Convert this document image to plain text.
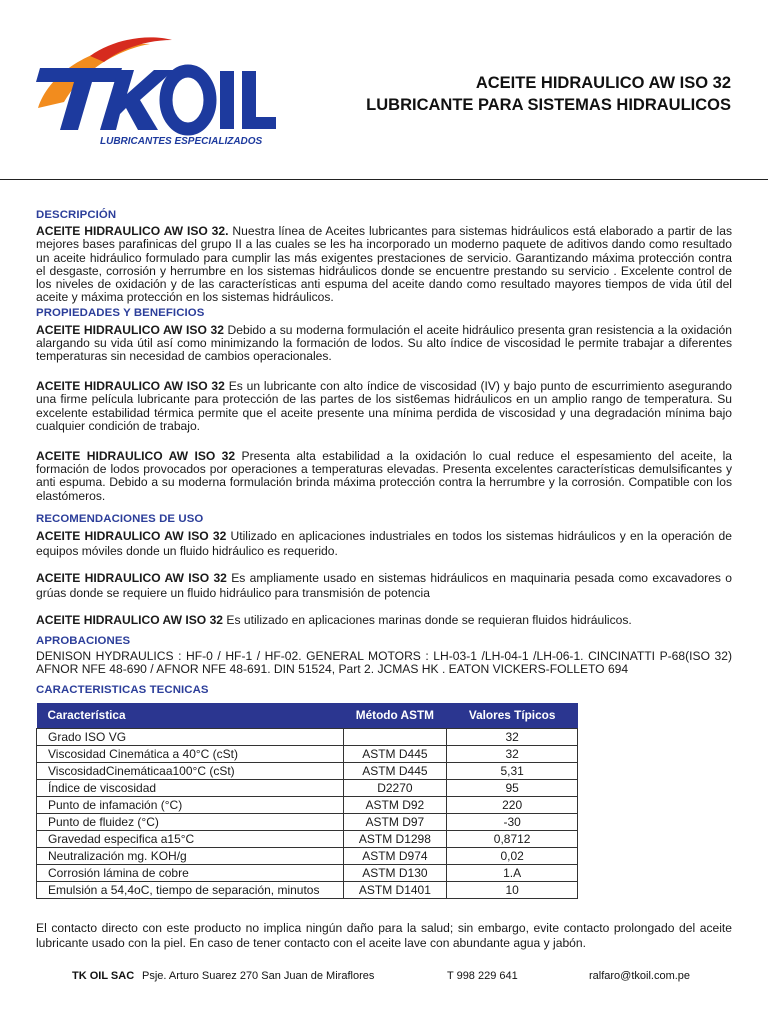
LUBRICANTES ESPECIALIZADOS
ACEITE HIDRAULICO AW ISO 32
LUBRICANTE PARA SISTEMAS HIDRAULICOS
DESCRIPCIÓN

ACEITE HIDRAULICO AW ISO 32. Nuestra línea de Aceites lubricantes para sistemas hidráulicos está elaborado a partir de las mejores bases parafinicas del grupo II a las cuales se les ha incorporado un moderno paquete de aditivos dando como resultado un aceite hidráulico formulado para cumplir las más exigentes prestaciones de servicio. Garantizando máxima protección contra el desgaste, corrosión y herrumbre en los sistemas hidráulicos donde se encuentre prestando su servicio . Excelente control de los niveles de oxidación y de las características anti espuma del aceite dando como resultado mayores tiempos de vida útil del aceite y máxima protección en los sistemas hidráulicos.

PROPIEDADES Y BENEFICIOS

ACEITE HIDRAULICO AW ISO 32 Debido a su moderna formulación el aceite hidráulico presenta gran resistencia a la oxidación alargando su vida útil así como minimizando la formación de lodos. Su alto índice de viscosidad le permite trabajar a diferentes temperaturas sin necesidad de cambios operacionales.

ACEITE HIDRAULICO AW ISO 32 Es un lubricante con alto índice de viscosidad (IV) y bajo punto de escurrimiento asegurando una firme película lubricante para protección de las partes de los sist6emas hidráulicos en un amplio rango de temperatura. Su excelente estabilidad térmica permite que el aceite presente una mínima perdida de viscosidad y una degradación mínima bajo cualquier condición de trabajo.

ACEITE HIDRAULICO AW ISO 32 Presenta alta estabilidad a la oxidación lo cual reduce el espesamiento del aceite, la formación de lodos provocados por operaciones a temperaturas elevadas. Presenta excelentes características demulsificantes y anti espuma. Debido a su moderna formulación brinda máxima protección contra la herrumbre y la corrosión. Compatible con los elastómeros.

RECOMENDACIONES DE USO

ACEITE HIDRAULICO AW ISO 32 Utilizado en aplicaciones industriales en todos los sistemas hidráulicos y en la operación de equipos móviles donde un fluido hidráulico es requerido.

ACEITE HIDRAULICO AW ISO 32 Es ampliamente usado en sistemas hidráulicos en maquinaria pesada como excavadores o grúas donde se requiere un fluido hidráulico para transmisión de potencia

ACEITE HIDRAULICO AW ISO 32 Es utilizado en aplicaciones marinas donde se requieran fluidos hidráulicos.

APROBACIONES

DENISON HYDRAULICS : HF-0 / HF-1 / HF-02. GENERAL MOTORS : LH-03-1 /LH-04-1 /LH-06-1. CINCINATTI P-68(ISO 32) AFNOR NFE 48-690 / AFNOR NFE 48-691. DIN 51524, Part 2. JCMAS HK . EATON VICKERS-FOLLETO 694

CARACTERISTICAS TECNICAS
Característica	Método ASTM	Valores Típicos
Grado ISO VG		32
Viscosidad Cinemática a 40°C (cSt)	ASTM D445	32
ViscosidadCinemáticaa100°C (cSt)	ASTM D445	5,31
Índice de viscosidad	D2270	95
Punto de infamación (°C)	ASTM D92	220
Punto de fluidez (°C)	ASTM D97	-30
Gravedad especifica a15°C	ASTM D1298	0,8712
Neutralización mg. KOH/g	ASTM D974	0,02
Corrosión lámina de cobre	ASTM D130	1.A
Emulsión a 54,4oC, tiempo de separación, minutos	ASTM D1401	10

El contacto directo con este producto no implica ningún daño para la salud; sin embargo, evite contacto prolongado del aceite lubricante usado con la piel. En caso de tener contacto con el aceite lave con abundante agua y jabón.

TK OIL SAC Psje. Arturo Suarez 270 San Juan de Miraflores	T 998 229 641	ralfaro@tkoil.com.pe
